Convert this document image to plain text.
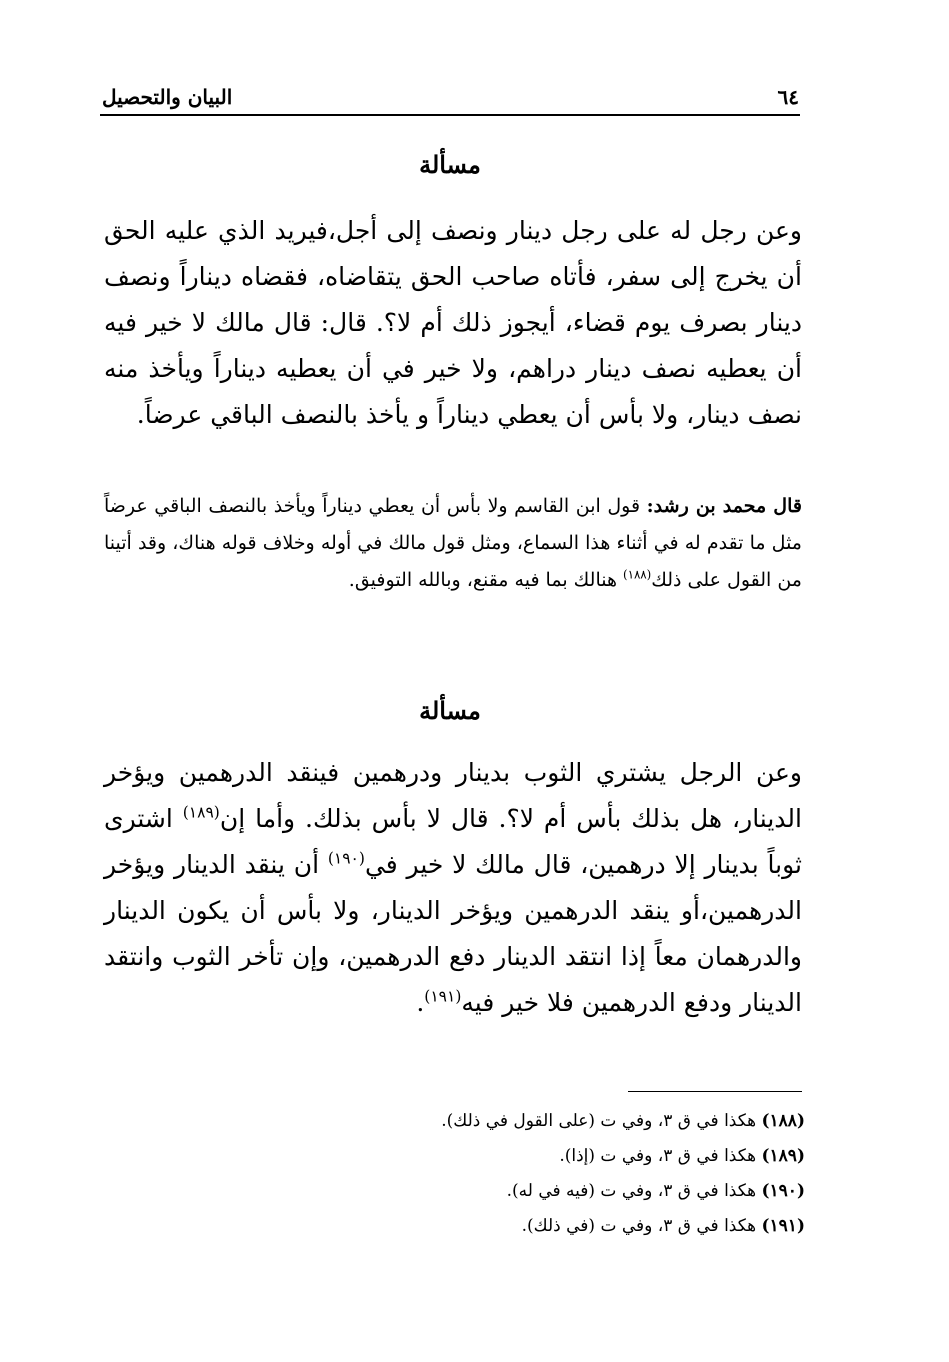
٦٤
البيان والتحصيل
مسألة
وعن رجل له على رجل دينار ونصف إلى أجل،فيريد الذي عليه الحق أن يخرج إلى سفر، فأتاه صاحب الحق يتقاضاه، فقضاه ديناراً ونصف دينار بصرف يوم قضاء، أيجوز ذلك أم لا؟. قال: قال مالك لا خير فيه أن يعطيه نصف دينار دراهم، ولا خير في أن يعطيه ديناراً ويأخذ منه نصف دينار، ولا بأس أن يعطي ديناراً و يأخذ بالنصف الباقي عرضاً.
قال محمد بن رشد: قول ابن القاسم ولا بأس أن يعطي ديناراً ويأخذ بالنصف الباقي عرضاً مثل ما تقدم له في أثناء هذا السماع، ومثل قول مالك في أوله وخلاف قوله هناك، وقد أتينا من القول على ذلك$^{(١٨٨)}$ هنالك بما فيه مقنع، وبالله التوفيق.
مسألة
وعن الرجل يشتري الثوب بدينار ودرهمين فينقد الدرهمين ويؤخر الدينار، هل بذلك بأس أم لا؟. قال لا بأس بذلك. وأما إن$^{(١٨٩)}$ اشترى ثوباً بدينار إلا درهمين، قال مالك لا خير في$^{(١٩٠)}$ أن ينقد الدينار ويؤخر الدرهمين،أو ينقد الدرهمين ويؤخر الدينار، ولا بأس أن يكون الدينار والدرهمان معاً إذا انتقد الدينار دفع الدرهمين، وإن تأخر الثوب وانتقد الدينار ودفع الدرهمين فلا خير فيه$^{(١٩١)}$.
(١٨٨) هكذا في ق ٣، وفي ت (على القول في ذلك).
(١٨٩) هكذا في ق ٣، وفي ت (إذا).
(١٩٠) هكذا في ق ٣، وفي ت (فيه في له).
(١٩١) هكذا في ق ٣، وفي ت (في ذلك).
